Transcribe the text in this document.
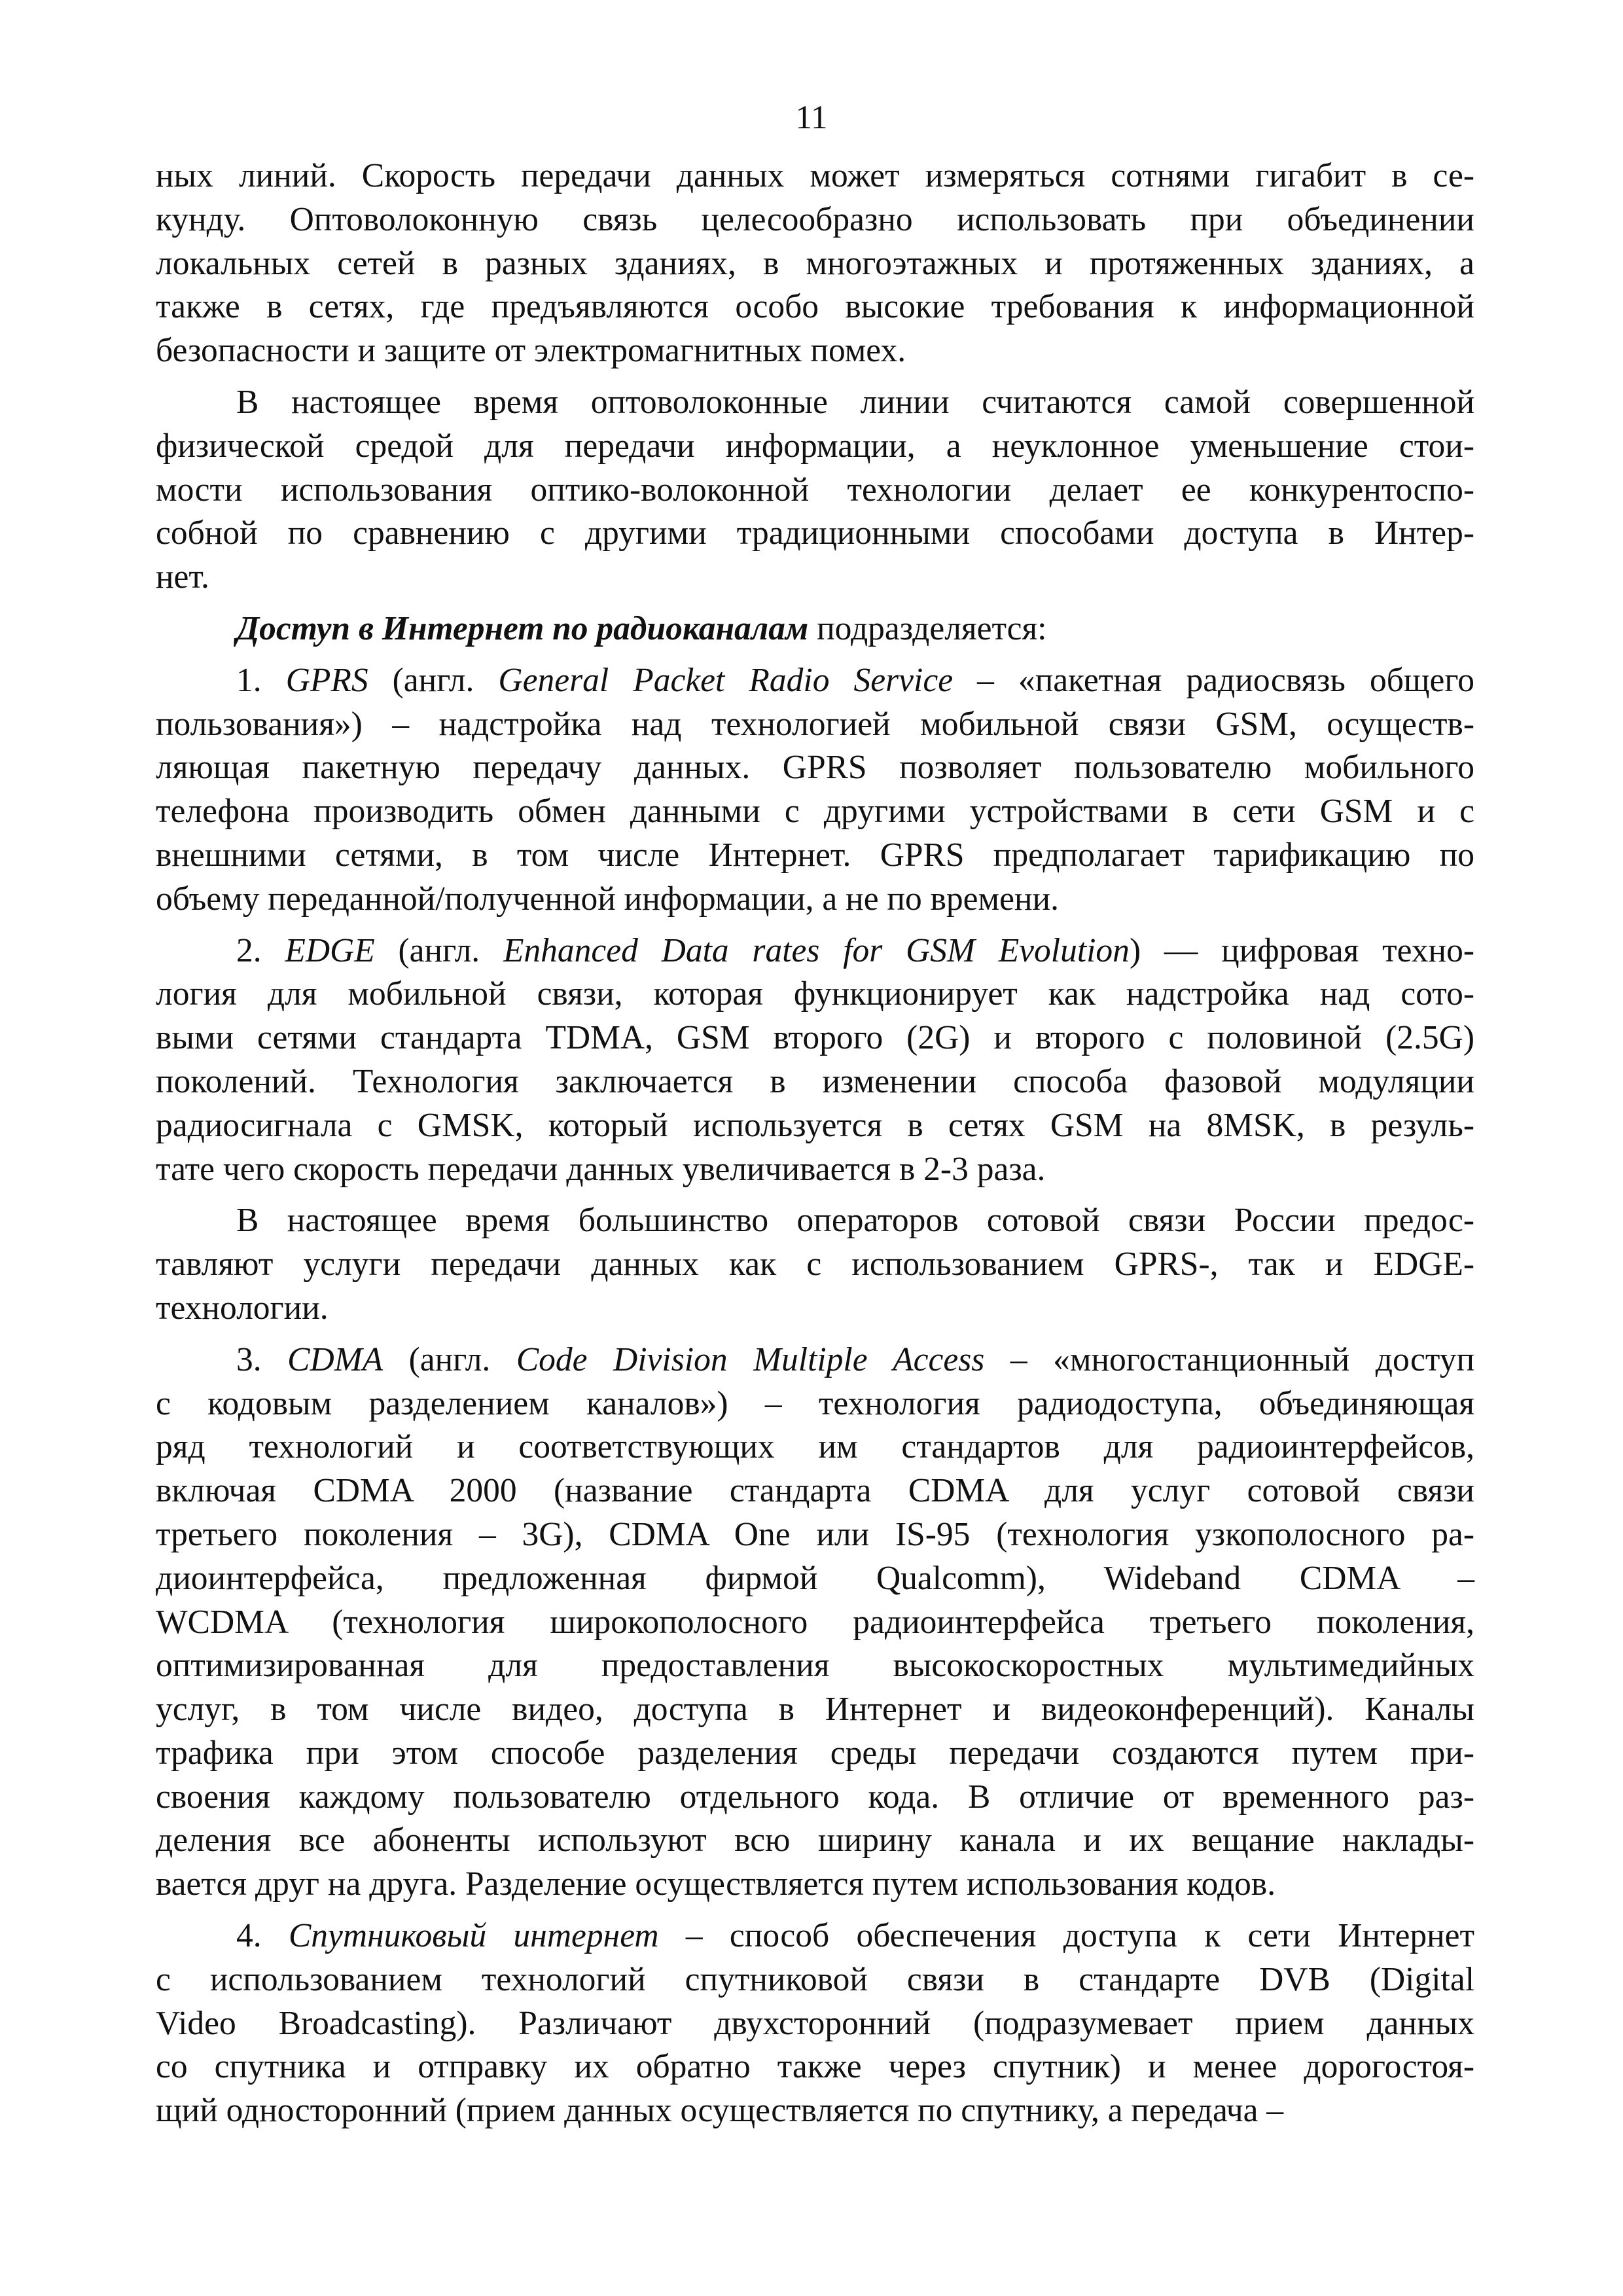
11
ных линий. Скорость передачи данных может измеряться сотнями гигабит в се-
кунду. Оптоволоконную связь целесообразно использовать при объединении
локальных сетей в разных зданиях, в многоэтажных и протяженных зданиях, а
также в сетях, где предъявляются особо высокие требования к информационной
безопасности и защите от электромагнитных помех.
В настоящее время оптоволоконные линии считаются самой совершенной
физической средой для передачи информации, а неуклонное уменьшение стои-
мости использования оптико-волоконной технологии делает ее конкурентоспо-
собной по сравнению с другими традиционными способами доступа в Интер-
нет.
Доступ в Интернет по радиоканалам подразделяется:
1. GPRS (англ. General Packet Radio Service – «пакетная радиосвязь общего
пользования») – надстройка над технологией мобильной связи GSM, осуществ-
ляющая пакетную передачу данных. GPRS позволяет пользователю мобильного
телефона производить обмен данными с другими устройствами в сети GSM и с
внешними сетями, в том числе Интернет. GPRS предполагает тарификацию по
объему переданной/полученной информации, а не по времени.
2. EDGE (англ. Enhanced Data rates for GSM Evolution) — цифровая техно-
логия для мобильной связи, которая функционирует как надстройка над сото-
выми сетями стандарта TDMA, GSM второго (2G) и второго с половиной (2.5G)
поколений. Технология заключается в изменении способа фазовой модуляции
радиосигнала с GMSK, который используется в сетях GSM на 8MSK, в резуль-
тате чего скорость передачи данных увеличивается в 2-3 раза.
В настоящее время большинство операторов сотовой связи России предос-
тавляют услуги передачи данных как с использованием GPRS-, так и EDGE-
технологии.
3. CDMA (англ. Code Division Multiple Access – «многостанционный доступ
с кодовым разделением каналов») – технология радиодоступа, объединяющая
ряд технологий и соответствующих им стандартов для радиоинтерфейсов,
включая CDMA 2000 (название стандарта CDMA для услуг сотовой связи
третьего поколения – 3G), CDMA One или IS-95 (технология узкополосного ра-
диоинтерфейса, предложенная фирмой Qualcomm), Wideband CDMA –
WCDMA (технология широкополосного радиоинтерфейса третьего поколения,
оптимизированная для предоставления высокоскоростных мультимедийных
услуг, в том числе видео, доступа в Интернет и видеоконференций). Каналы
трафика при этом способе разделения среды передачи создаются путем при-
своения каждому пользователю отдельного кода. В отличие от временного раз-
деления все абоненты используют всю ширину канала и их вещание наклады-
вается друг на друга. Разделение осуществляется путем использования кодов.
4. Спутниковый интернет – способ обеспечения доступа к сети Интернет
с использованием технологий спутниковой связи в стандарте DVB (Digital
Video Broadcasting). Различают двухсторонний (подразумевает прием данных
со спутника и отправку их обратно также через спутник) и менее дорогостоя-
щий односторонний (прием данных осуществляется по спутнику, а передача –
